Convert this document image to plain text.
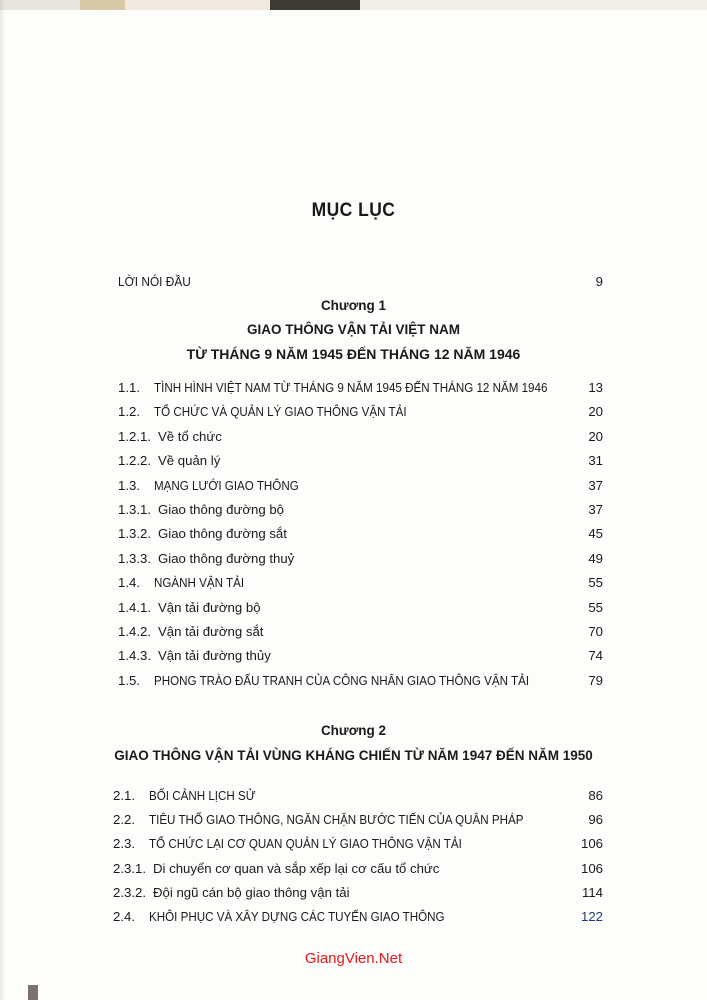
MỤC LỤC
LỜI NÓI ĐẦU	9
Chương 1
GIAO THÔNG VẬN TẢI VIỆT NAM
TỪ THÁNG 9 NĂM 1945 ĐẾN THÁNG 12 NĂM 1946
1.1. TÌNH HÌNH VIỆT NAM TỪ THÁNG 9 NĂM 1945 ĐẾN THÁNG 12 NĂM 1946	13
1.2. TỔ CHỨC VÀ QUẢN LÝ GIAO THÔNG VẬN TẢI	20
1.2.1. Về tổ chức	20
1.2.2. Về quản lý	31
1.3. MẠNG LƯỚI GIAO THÔNG	37
1.3.1. Giao thông đường bộ	37
1.3.2. Giao thông đường sắt	45
1.3.3. Giao thông đường thuỷ	49
1.4. NGÀNH VẬN TẢI	55
1.4.1. Vận tải đường bộ	55
1.4.2. Vận tải đường sắt	70
1.4.3. Vận tải đường thủy	74
1.5. PHONG TRÀO ĐẤU TRANH CỦA CÔNG NHÂN GIAO THÔNG VẬN TẢI	79
Chương 2
GIAO THÔNG VẬN TẢI VÙNG KHÁNG CHIẾN TỪ NĂM 1947 ĐẾN NĂM 1950
2.1. BỐI CẢNH LỊCH SỬ	86
2.2. TIÊU THỔ GIAO THÔNG, NGĂN CHẶN BƯỚC TIẾN CỦA QUÂN PHÁP	96
2.3. TỔ CHỨC LẠI CƠ QUAN QUẢN LÝ GIAO THÔNG VẬN TẢI	106
2.3.1. Di chuyển cơ quan và sắp xếp lại cơ cấu tổ chức	106
2.3.2. Đội ngũ cán bộ giao thông vận tải	114
2.4. KHÔI PHỤC VÀ XÂY DỰNG CÁC TUYẾN GIAO THÔNG	122
GiangVien.Net
